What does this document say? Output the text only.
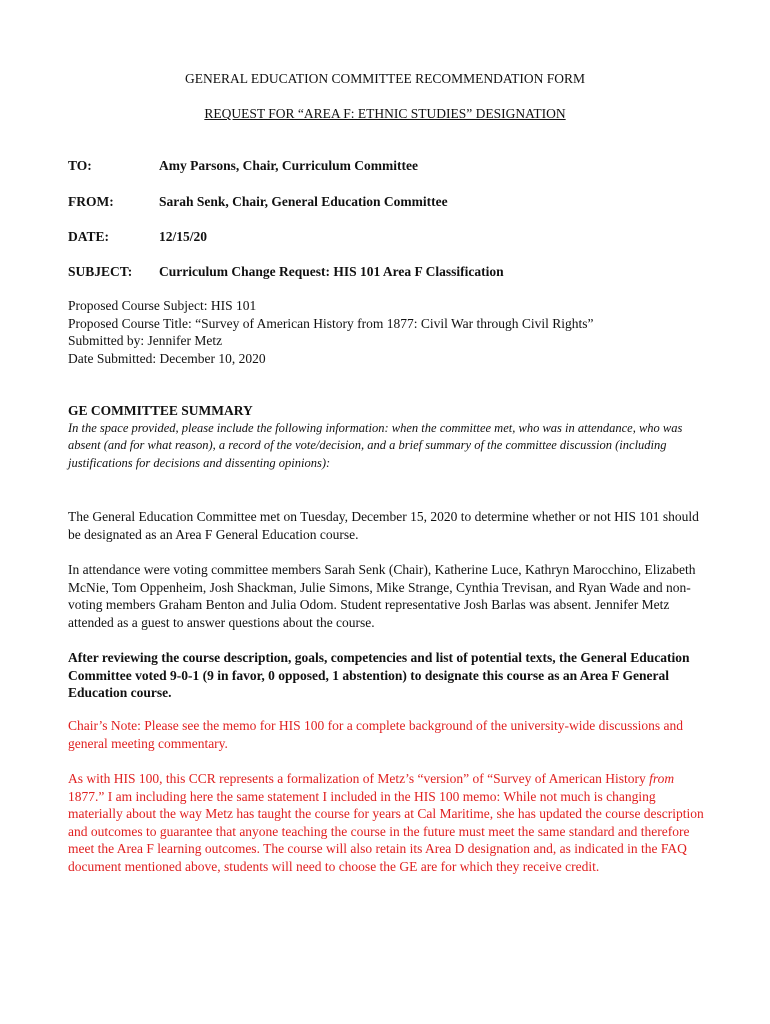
GENERAL EDUCATION COMMITTEE RECOMMENDATION FORM
REQUEST FOR “AREA F: ETHNIC STUDIES” DESIGNATION
TO:	Amy Parsons, Chair, Curriculum Committee
FROM:	Sarah Senk, Chair, General Education Committee
DATE:	12/15/20
SUBJECT:	Curriculum Change Request: HIS 101 Area F Classification
Proposed Course Subject: HIS 101
Proposed Course Title: “Survey of American History from 1877: Civil War through Civil Rights”
Submitted by: Jennifer Metz
Date Submitted: December 10, 2020

GE COMMITTEE SUMMARY

In the space provided, please include the following information: when the committee met, who was in attendance, who was absent (and for what reason), a record of the vote/decision, and a brief summary of the committee discussion (including justifications for decisions and dissenting opinions):

The General Education Committee met on Tuesday, December 15, 2020 to determine whether or not HIS 101 should be designated as an Area F General Education course.
In attendance were voting committee members Sarah Senk (Chair), Katherine Luce, Kathryn Marocchino, Elizabeth McNie, Tom Oppenheim, Josh Shackman, Julie Simons, Mike Strange, Cynthia Trevisan, and Ryan Wade and non-voting members Graham Benton and Julia Odom. Student representative Josh Barlas was absent. Jennifer Metz attended as a guest to answer questions about the course.
After reviewing the course description, goals, competencies and list of potential texts, the General Education Committee voted 9-0-1 (9 in favor, 0 opposed, 1 abstention) to designate this course as an Area F General Education course.
Chair’s Note: Please see the memo for HIS 100 for a complete background of the university-wide discussions and general meeting commentary.
As with HIS 100, this CCR represents a formalization of Metz’s “version” of “Survey of American History from 1877.” I am including here the same statement I included in the HIS 100 memo: While not much is changing materially about the way Metz has taught the course for years at Cal Maritime, she has updated the course description and outcomes to guarantee that anyone teaching the course in the future must meet the same standard and therefore meet the Area F learning outcomes. The course will also retain its Area D designation and, as indicated in the FAQ document mentioned above, students will need to choose the GE are for which they receive credit.
